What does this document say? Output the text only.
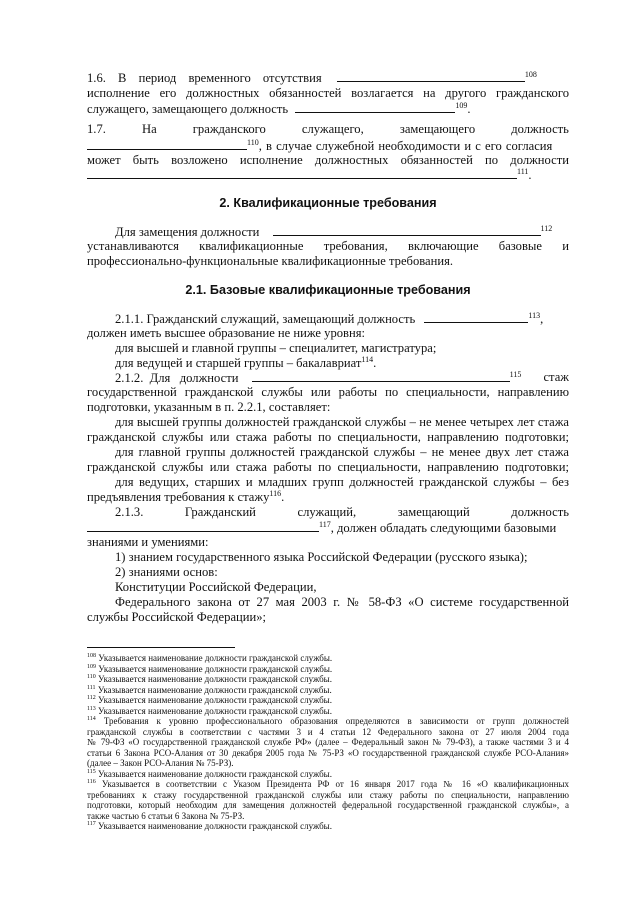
1.6. В период временного отсутствия	$^{108}$
исполнение его должностных обязанностей возлагается на другого гражданского
служащего, замещающего должность	$^{109}$.
1.7.	На	гражданского	служащего,	замещающего	должность
$^{110}$, в случае служебной необходимости и с его согласия
может быть возложено исполнение должностных обязанностей по должности
$^{111}$.
2. Квалификационные требования
Для замещения должности	$^{112}$
устанавливаются квалификационные требования, включающие базовые и
профессионально-функциональные квалификационные требования.
2.1. Базовые квалификационные требования
2.1.1. Гражданский служащий, замещающий должность	$^{113}$,
должен иметь высшее образование не ниже уровня:
для высшей и главной группы – специалитет, магистратура;
для ведущей и старшей группы – бакалавриат$^{114}$.
2.1.2.  Для   должности	$^{115}$ стаж
государственной гражданской службы или работы по специальности, направлению
подготовки, указанным в п. 2.2.1, составляет:
для высшей группы должностей гражданской службы – не менее четырех лет стажа
гражданской службы или стажа работы по специальности, направлению подготовки;
для главной группы должностей гражданской службы – не менее двух лет стажа
гражданской службы или стажа работы по специальности, направлению подготовки;
для ведущих, старших и младших групп должностей гражданской службы – без
предъявления требования к стажу$^{116}$.
2.1.3.	Гражданский	служащий,	замещающий	должность
$^{117}$, должен обладать следующими базовыми
знаниями и умениями:
1) знанием государственного языка Российской Федерации (русского языка);
2) знаниями основ:
Конституции Российской Федерации,
Федерального закона от 27 мая 2003 г. № 58-ФЗ «О системе государственной
службы Российской Федерации»;
$^{108}$ Указывается наименование должности гражданской службы.
$^{109}$ Указывается наименование должности гражданской службы.
$^{110}$ Указывается наименование должности гражданской службы.
$^{111}$ Указывается наименование должности гражданской службы.
$^{112}$ Указывается наименование должности гражданской службы.
$^{113}$ Указывается наименование должности гражданской службы.
$^{114}$ Требования к уровню профессионального образования определяются в зависимости от групп должностей
гражданской службы в соответствии с частями 3 и 4 статьи 12 Федерального закона от 27 июля 2004 года
№ 79-ФЗ «О государственной гражданской службе РФ» (далее – Федеральный закон № 79-ФЗ), а также частями 3 и 4
статьи 6 Закона РСО-Алания от 30 декабря 2005 года № 75-РЗ «О государственной гражданской службе РСО-Алания»
(далее – Закон РСО-Алания № 75-РЗ).
$^{115}$ Указывается наименование должности гражданской службы.
$^{116}$ Указывается в соответствии с Указом Президента РФ от 16 января 2017 года № 16 «О квалификационных
требованиях к стажу государственной гражданской службы или стажу работы по специальности, направлению
подготовки, который необходим для замещения должностей федеральной государственной гражданской службы», а
также частью 6 статьи 6 Закона № 75-РЗ.
$^{117}$ Указывается наименование должности гражданской службы.
